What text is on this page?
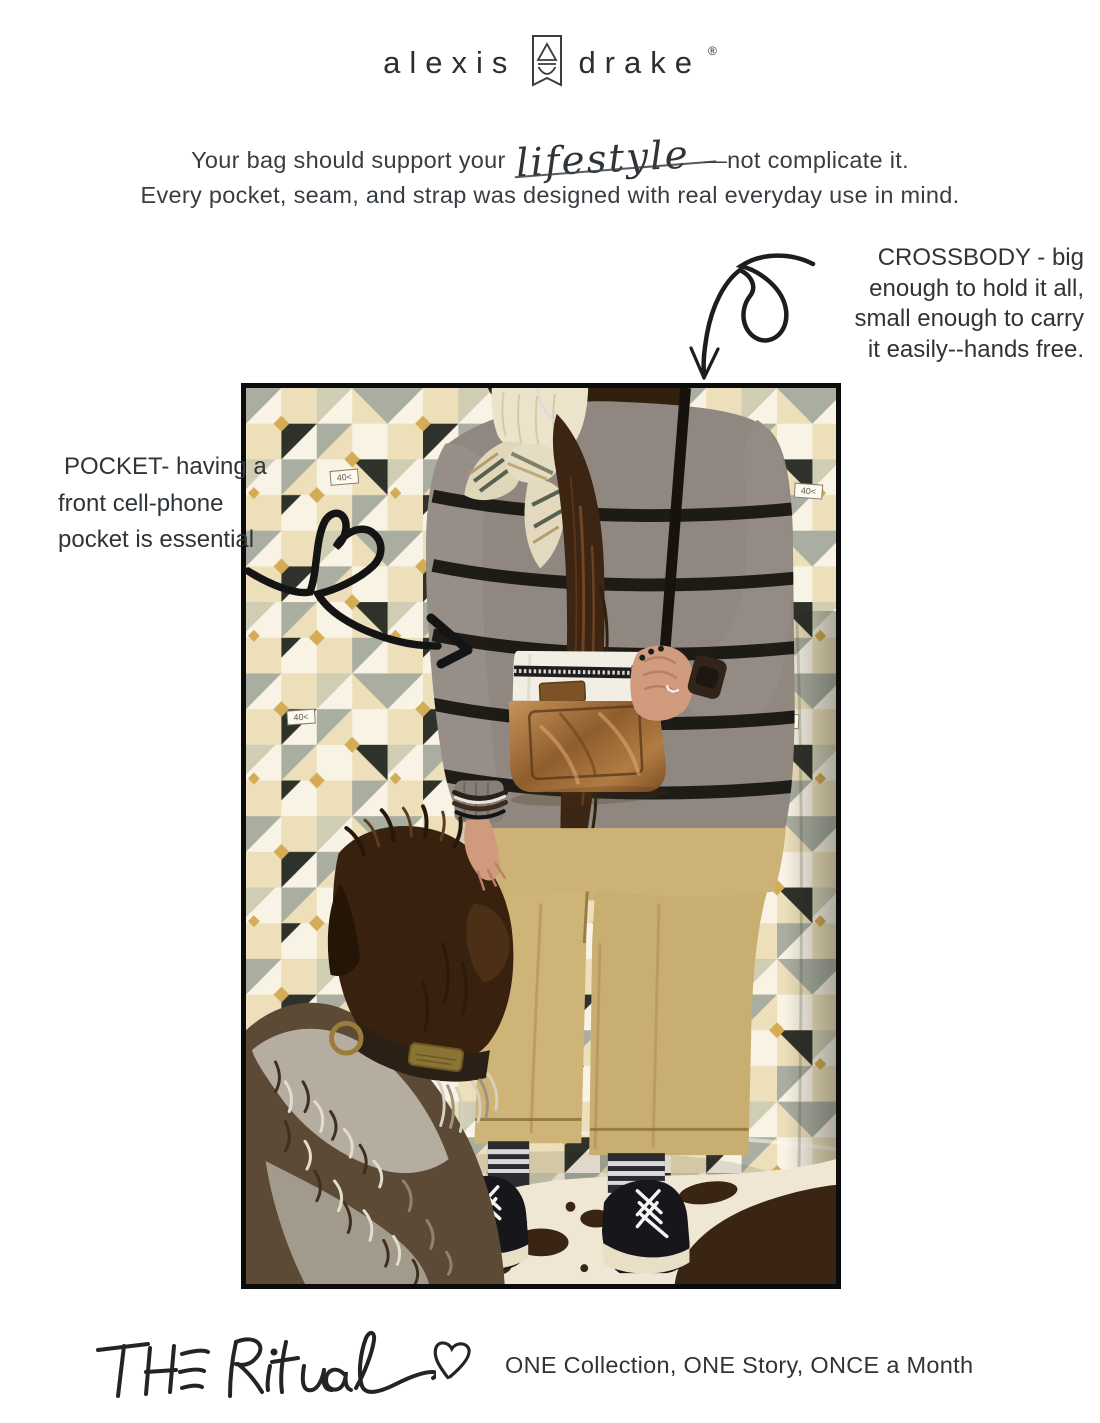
alexis drake ®
Your bag should support your lifestyle —not complicate it.
Every pocket, seam, and strap was designed with real everyday use in mind.
CROSSBODY - big
enough to hold it all,
small enough to carry
it easily--hands free.
POCKET- having a
front cell-phone
pocket is essential
40<
40<
40<
ONE Collection, ONE Story, ONCE a Month
